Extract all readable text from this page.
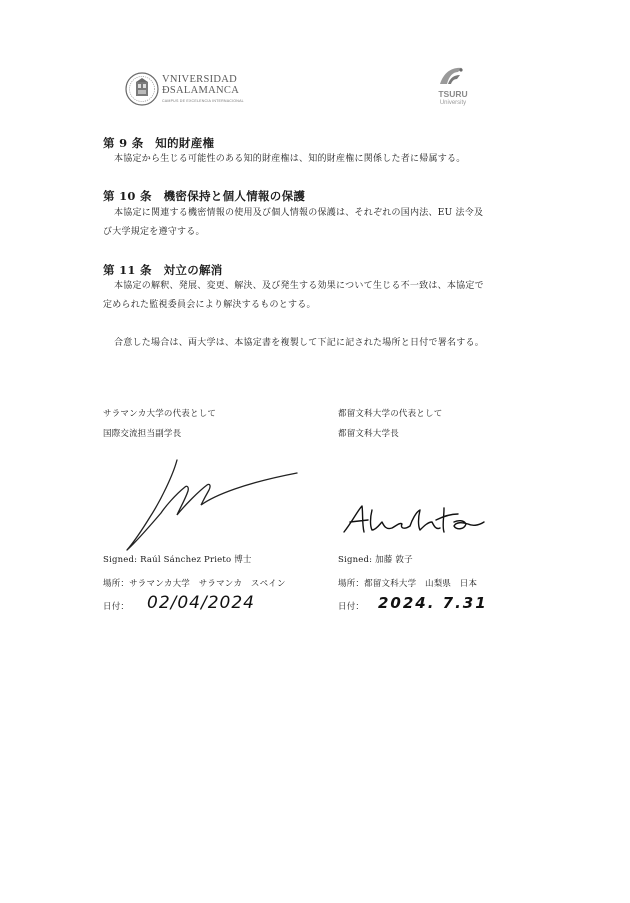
VNIVERSIDAD
ĐSALAMANCA
CAMPUS DE EXCELENCIA INTERNACIONAL
TSURU
University
第 9 条　知的財産権
本協定から生じる可能性のある知的財産権は、知的財産権に関係した者に帰属する。
第 10 条　機密保持と個人情報の保護
本協定に関連する機密情報の使用及び個人情報の保護は、それぞれの国内法、EU 法令及
び大学規定を遵守する。
第 11 条　対立の解消
本協定の解釈、発展、変更、解決、及び発生する効果について生じる不一致は、本協定で
定められた監視委員会により解決するものとする。
合意した場合は、両大学は、本協定書を複製して下記に記された場所と日付で署名する。
サラマンカ大学の代表として
国際交流担当副学長
Signed: Raúl Sánchez Prieto 博士
場所：サラマンカ大学　サラマンカ　スペイン
日付： 02/04/2024
都留文科大学の代表として
都留文科大学長
Signed: 加藤 敦子
場所：都留文科大学　山梨県　日本
日付： 2024. 7.31
